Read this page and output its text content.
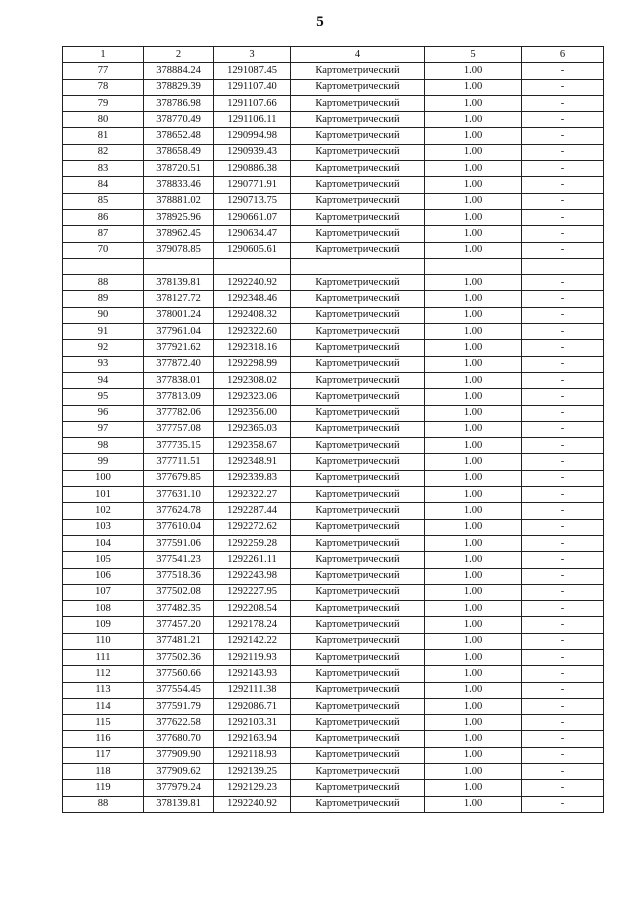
5
1	2	3	4	5	6
77	378884.24	1291087.45	Картометрический	1.00	-
78	378829.39	1291107.40	Картометрический	1.00	-
79	378786.98	1291107.66	Картометрический	1.00	-
80	378770.49	1291106.11	Картометрический	1.00	-
81	378652.48	1290994.98	Картометрический	1.00	-
82	378658.49	1290939.43	Картометрический	1.00	-
83	378720.51	1290886.38	Картометрический	1.00	-
84	378833.46	1290771.91	Картометрический	1.00	-
85	378881.02	1290713.75	Картометрический	1.00	-
86	378925.96	1290661.07	Картометрический	1.00	-
87	378962.45	1290634.47	Картометрический	1.00	-
70	379078.85	1290605.61	Картометрический	1.00	-

88	378139.81	1292240.92	Картометрический	1.00	-
89	378127.72	1292348.46	Картометрический	1.00	-
90	378001.24	1292408.32	Картометрический	1.00	-
91	377961.04	1292322.60	Картометрический	1.00	-
92	377921.62	1292318.16	Картометрический	1.00	-
93	377872.40	1292298.99	Картометрический	1.00	-
94	377838.01	1292308.02	Картометрический	1.00	-
95	377813.09	1292323.06	Картометрический	1.00	-
96	377782.06	1292356.00	Картометрический	1.00	-
97	377757.08	1292365.03	Картометрический	1.00	-
98	377735.15	1292358.67	Картометрический	1.00	-
99	377711.51	1292348.91	Картометрический	1.00	-
100	377679.85	1292339.83	Картометрический	1.00	-
101	377631.10	1292322.27	Картометрический	1.00	-
102	377624.78	1292287.44	Картометрический	1.00	-
103	377610.04	1292272.62	Картометрический	1.00	-
104	377591.06	1292259.28	Картометрический	1.00	-
105	377541.23	1292261.11	Картометрический	1.00	-
106	377518.36	1292243.98	Картометрический	1.00	-
107	377502.08	1292227.95	Картометрический	1.00	-
108	377482.35	1292208.54	Картометрический	1.00	-
109	377457.20	1292178.24	Картометрический	1.00	-
110	377481.21	1292142.22	Картометрический	1.00	-
111	377502.36	1292119.93	Картометрический	1.00	-
112	377560.66	1292143.93	Картометрический	1.00	-
113	377554.45	1292111.38	Картометрический	1.00	-
114	377591.79	1292086.71	Картометрический	1.00	-
115	377622.58	1292103.31	Картометрический	1.00	-
116	377680.70	1292163.94	Картометрический	1.00	-
117	377909.90	1292118.93	Картометрический	1.00	-
118	377909.62	1292139.25	Картометрический	1.00	-
119	377979.24	1292129.23	Картометрический	1.00	-
88	378139.81	1292240.92	Картометрический	1.00	-
